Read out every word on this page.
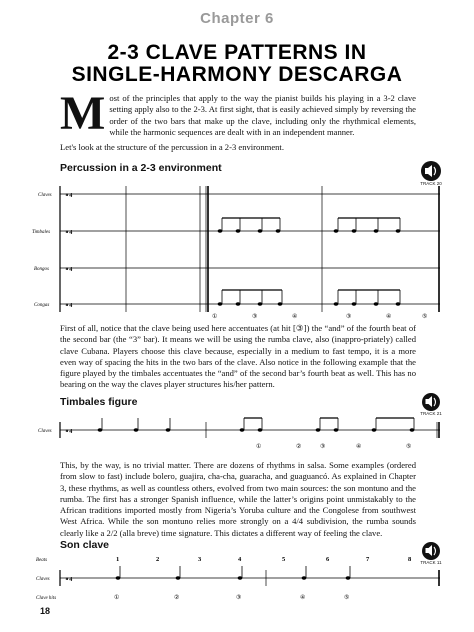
Chapter 6
2-3 CLAVE PATTERNS IN
SINGLE-HARMONY DESCARGA
Most of the principles that apply to the way the pianist builds his playing in a 3-2 clave setting apply also to the 2-3. At first sight, that is easily achieved simply by reversing the order of the two bars that make up the clave, including only the rhythmical elements, while the harmonic sequences are dealt with in an independent manner.
Let's look at the structure of the percussion in a 2-3 environment.
Percussion in a 2-3 environment
TRACK 20
Claves
Timbales
Bongos
Congas
𝄥 4
𝄥 4
𝄥 4
𝄥 4
①	③	④	③	④	⑤
First of all, notice that the clave being used here accentuates (at hit [③]) the “and” of the fourth beat of the second bar (the “3” bar). It means we will be using the rumba clave, also (inappro-priately) called clave Cubana. Players choose this clave because, especially in a medium to fast tempo, it is a more even way of spacing the hits in the two bars of the clave. Also notice in the following example that the figure played by the timbales accentuates the “and” of the second bar’s fourth beat as well. This has no bearing on the way the claves player structures his/her pattern.
Timbales figure
TRACK 21
Claves 𝄥 4
①	②	③	④	⑤
This, by the way, is no trivial matter. There are dozens of rhythms in salsa. Some examples (ordered from slow to fast) include bolero, guajira, cha-cha, guaracha, and guaguancó. As explained in Chapter 3, these rhythms, as well as countless others, evolved from two main sources: the son montuno and the rumba. The first has a stronger Spanish influence, while the latter’s origins point unmistakably to the African traditions imported mostly from Nigeria’s Yoruba culture and the Congolese from southwest West Africa. While the son montuno relies more strongly on a 4/4 subdivision, the rumba sounds clearly like a 2/2 (alla breve) time signature. This dictates a different way of feeling the clave.
Son clave
TRACK 11
Beats
Claves
Clave hits
1	2	3	4	5	6	7	8
𝄥 4
①	②	③	④	⑤
18
